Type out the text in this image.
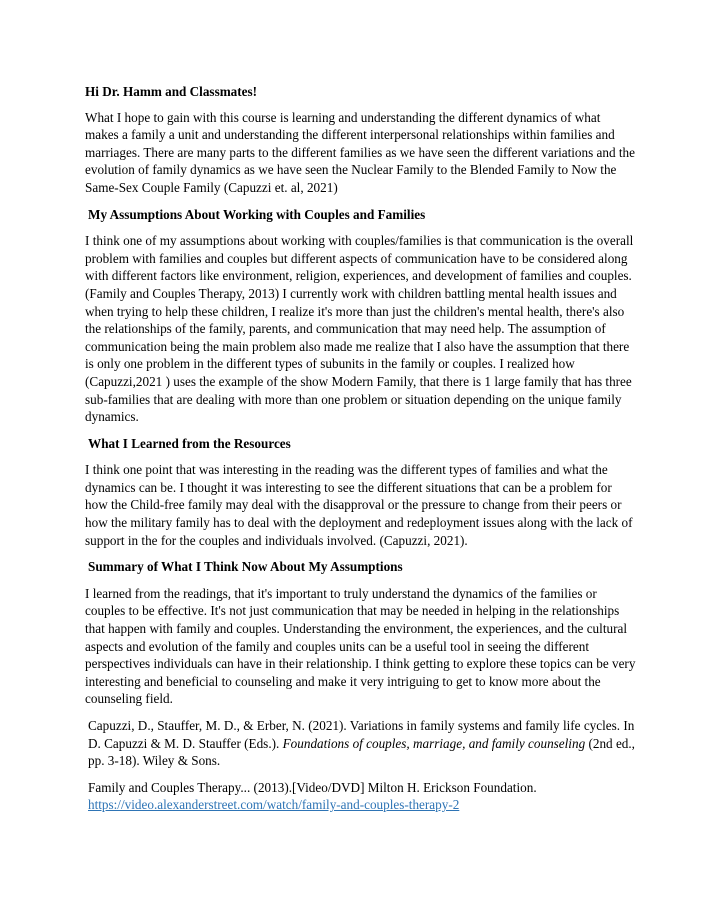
Hi Dr. Hamm and Classmates!

What I hope to gain with this course is learning and understanding the different dynamics of what makes a family a unit and understanding the different interpersonal relationships within families and marriages. There are many parts to the different families as we have seen the different variations and the evolution of family dynamics as we have seen the Nuclear Family to the Blended Family to Now the Same-Sex Couple Family (Capuzzi et. al, 2021)

My Assumptions About Working with Couples and Families

I think one of my assumptions about working with couples/families is that communication is the overall problem with families and couples but different aspects of communication have to be considered along with different factors like environment, religion, experiences, and development of families and couples. (Family and Couples Therapy, 2013) I currently work with children battling mental health issues and when trying to help these children, I realize it's more than just the children's mental health, there's also the relationships of the family, parents, and communication that may need help. The assumption of communication being the main problem also made me realize that I also have the assumption that there is only one problem in the different types of subunits in the family or couples. I realized how (Capuzzi,2021 ) uses the example of the show Modern Family, that there is 1 large family that has three sub-families that are dealing with more than one problem or situation depending on the unique family dynamics.

What I Learned from the Resources

I think one point that was interesting in the reading was the different types of families and what the dynamics can be. I thought it was interesting to see the different situations that can be a problem for how the Child-free family may deal with the disapproval or the pressure to change from their peers or how the military family has to deal with the deployment and redeployment issues along with the lack of support in the for the couples and individuals involved. (Capuzzi, 2021).

Summary of What I Think Now About My Assumptions

I learned from the readings, that it's important to truly understand the dynamics of the families or couples to be effective. It's not just communication that may be needed in helping in the relationships that happen with family and couples. Understanding the environment, the experiences, and the cultural aspects and evolution of the family and couples units can be a useful tool in seeing the different perspectives individuals can have in their relationship. I think getting to explore these topics can be very interesting and beneficial to counseling and make it very intriguing to get to know more about the counseling field.

Capuzzi, D., Stauffer, M. D., & Erber, N. (2021). Variations in family systems and family life cycles. In D. Capuzzi & M. D. Stauffer (Eds.). Foundations of couples, marriage, and family counseling (2nd ed., pp. 3-18). Wiley & Sons.

Family and Couples Therapy... (2013).[Video/DVD] Milton H. Erickson Foundation. https://video.alexanderstreet.com/watch/family-and-couples-therapy-2
